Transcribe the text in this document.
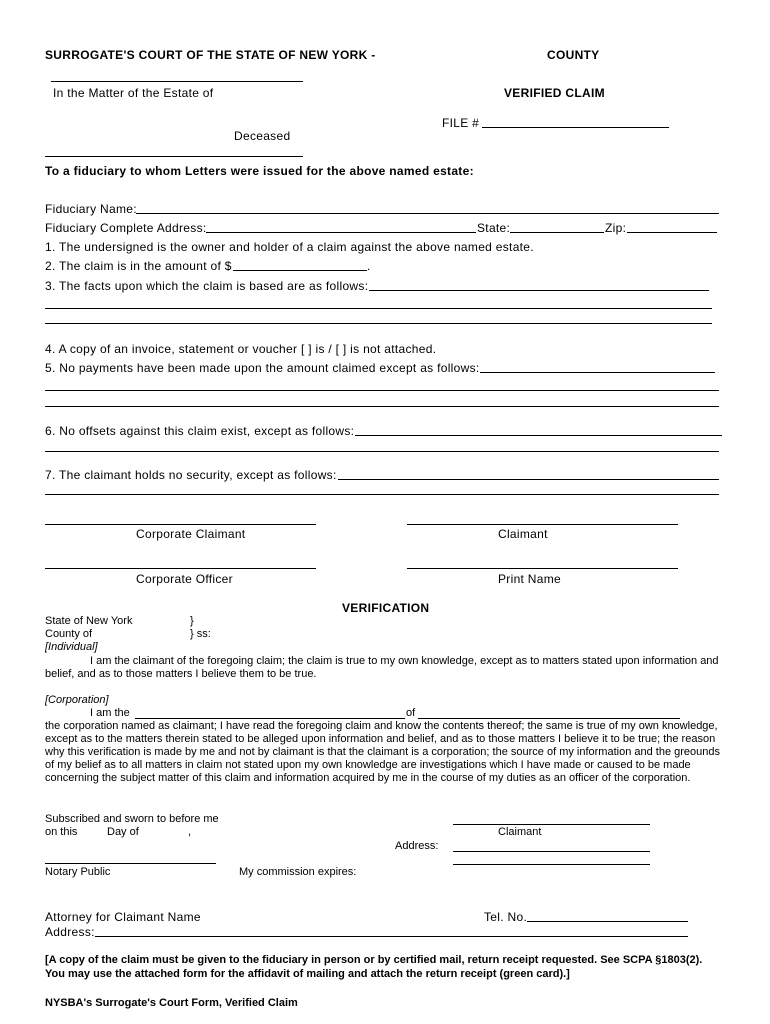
SURROGATE'S COURT OF THE STATE OF NEW YORK -	COUNTY
In the Matter of the Estate of	VERIFIED CLAIM
FILE #
Deceased
To a fiduciary to whom Letters were issued for the above named estate:
Fiduciary Name:
Fiduciary Complete Address:	State:	Zip:
1. The undersigned is the owner and holder of a claim against the above named estate.
2. The claim is in the amount of $	.
3. The facts upon which the claim is based are as follows:
4. A copy of an invoice, statement or voucher [ ] is / [ ] is not attached.
5. No payments have been made upon the amount claimed except as follows:
6. No offsets against this claim exist, except as follows:
7. The claimant holds no security, except as follows:
Corporate Claimant	Claimant
Corporate Officer	Print Name
VERIFICATION
State of New York	}
County of	} ss:
[Individual]
I am the claimant of the foregoing claim; the claim is true to my own knowledge, except as to matters stated upon information and belief, and as to those matters I believe them to be true.
[Corporation]
I am the	of
the corporation named as claimant; I have read the foregoing claim and know the contents thereof; the same is true of my own knowledge, except as to the matters therein stated to be alleged upon information and belief, and as to those matters I believe it to be true; the reason why this verification is made by me and not by claimant is that the claimant is a corporation; the source of my information and the greounds of my belief as to all matters in claim not stated upon my own knowledge are investigations which I have made or caused to be made concerning the subject matter of this claim and information acquired by me in the course of my duties as an officer of the corporation.
Subscribed and sworn to before me
on this	Day of	,	Claimant
Address:
Notary Public	My commission expires:
Attorney for Claimant Name	Tel. No.
Address:
[A copy of the claim must be given to the fiduciary in person or by certified mail, return receipt requested. See SCPA §1803(2). You may use the attached form for the affidavit of mailing and attach the return receipt (green card).]
NYSBA's Surrogate's Court Form, Verified Claim
